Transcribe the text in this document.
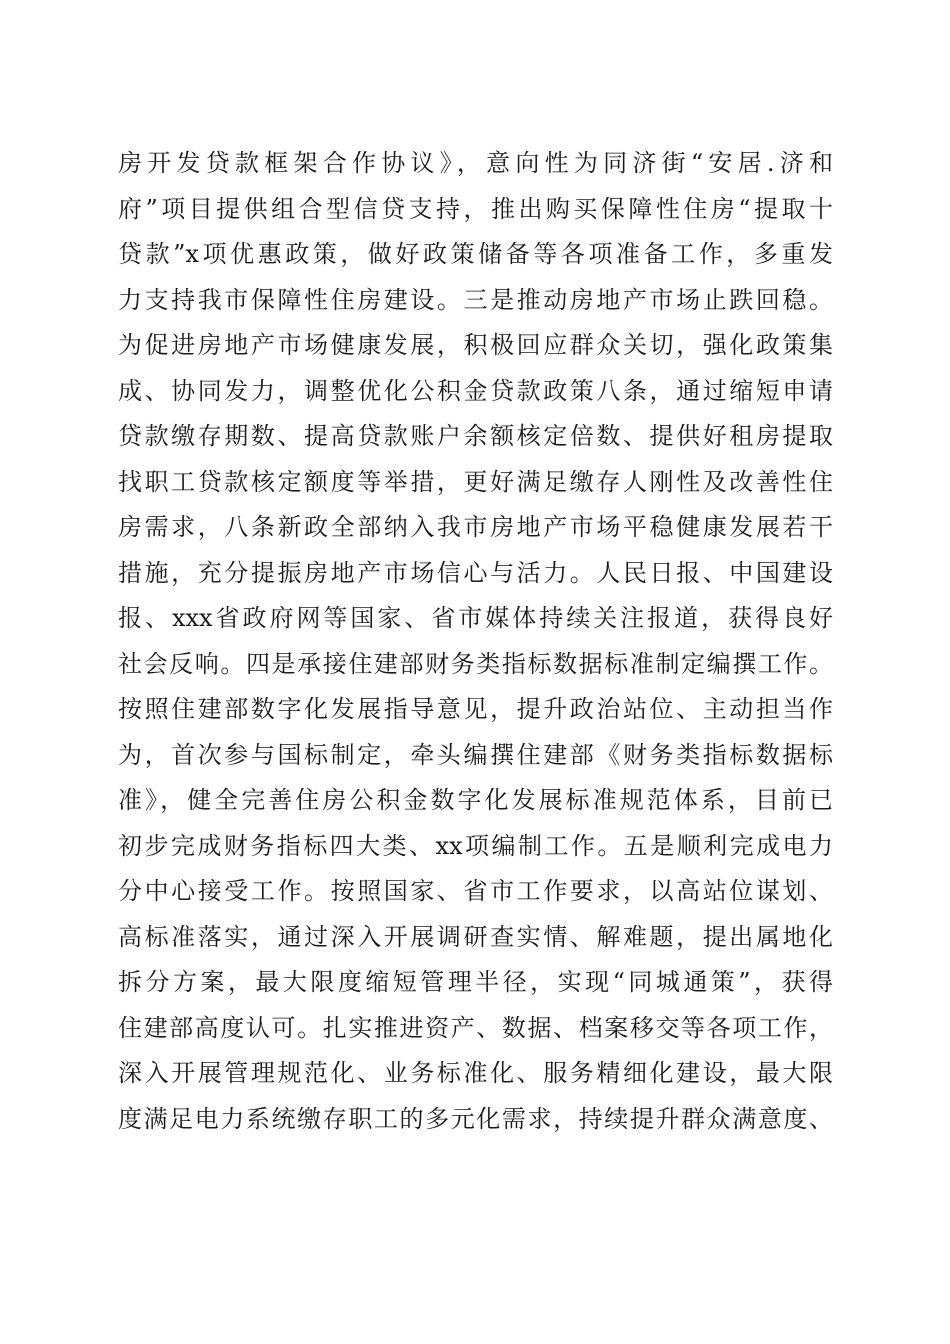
房开发贷款框架合作协议》，意向性为同济街“安居.济和
府”项目提供组合型信贷支持，推出购买保障性住房“提取十
贷款”x项优惠政策，做好政策储备等各项准备工作，多重发
力支持我市保障性住房建设。三是推动房地产市场止跌回稳。
为促进房地产市场健康发展，积极回应群众关切，强化政策集
成、协同发力，调整优化公积金贷款政策八条，通过缩短申请
贷款缴存期数、提高贷款账户余额核定倍数、提供好租房提取
找职工贷款核定额度等举措，更好满足缴存人刚性及改善性住
房需求，八条新政全部纳入我市房地产市场平稳健康发展若干
措施，充分提振房地产市场信心与活力。人民日报、中国建设
报、xxx省政府网等国家、省市媒体持续关注报道，获得良好
社会反响。四是承接住建部财务类指标数据标准制定编撰工作。
按照住建部数字化发展指导意见，提升政治站位、主动担当作
为，首次参与国标制定，牵头编撰住建部《财务类指标数据标
准》，健全完善住房公积金数字化发展标准规范体系，目前已
初步完成财务指标四大类、xx项编制工作。五是顺利完成电力
分中心接受工作。按照国家、省市工作要求，以高站位谋划、
高标准落实，通过深入开展调研查实情、解难题，提出属地化
拆分方案，最大限度缩短管理半径，实现“同城通策”，获得
住建部高度认可。扎实推进资产、数据、档案移交等各项工作，
深入开展管理规范化、业务标准化、服务精细化建设，最大限
度满足电力系统缴存职工的多元化需求，持续提升群众满意度、
